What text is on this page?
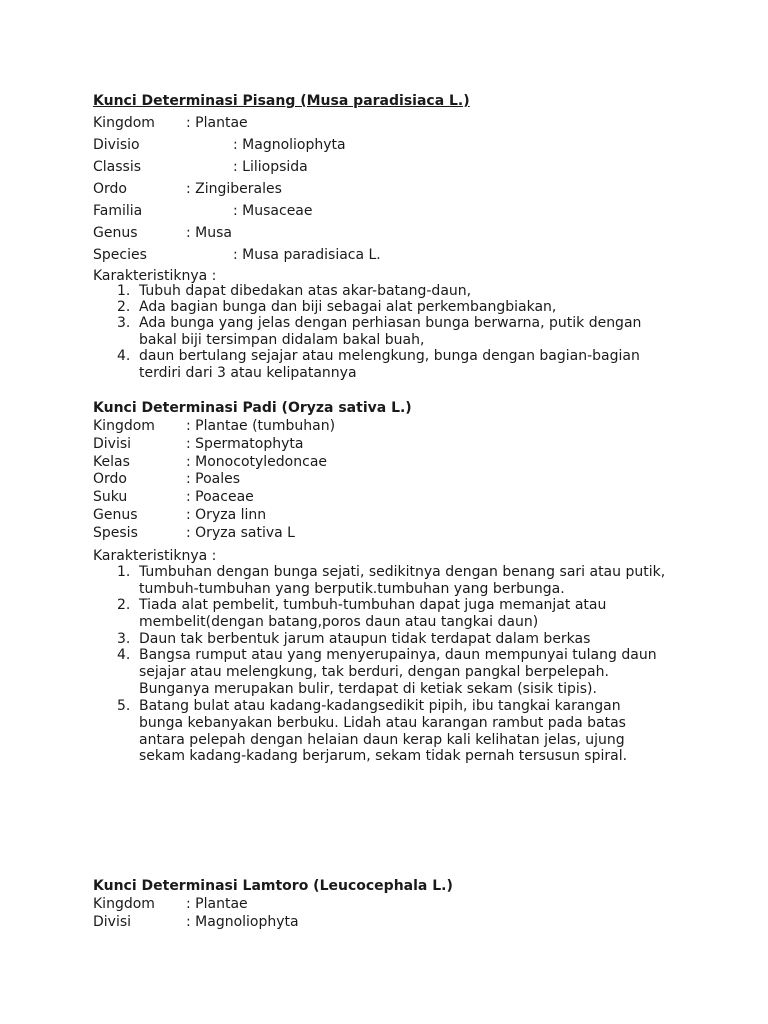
Kunci Determinasi Pisang (Musa paradisiaca L.)
Kingdom : Plantae
Divisio	: Magnoliophyta
Classis	: Liliopsida
Ordo	: Zingiberales
Familia	: Musaceae
Genus	: Musa
Species	: Musa paradisiaca L.
Karakteristiknya :
1. Tubuh dapat dibedakan atas akar-batang-daun,
2. Ada bagian bunga dan biji sebagai alat perkembangbiakan,
3. Ada bunga yang jelas dengan perhiasan bunga berwarna, putik dengan
bakal biji tersimpan didalam bakal buah,
4. daun bertulang sejajar atau melengkung, bunga dengan bagian-bagian
terdiri dari 3 atau kelipatannya
Kunci Determinasi Padi (Oryza sativa L.)
Kingdom : Plantae (tumbuhan)
Divisi	: Spermatophyta
Kelas	: Monocotyledoncae
Ordo	: Poales
Suku	: Poaceae
Genus	: Oryza linn
Spesis	: Oryza sativa L
Karakteristiknya :
1. Tumbuhan dengan bunga sejati, sedikitnya dengan benang sari atau putik,
tumbuh-tumbuhan yang berputik.tumbuhan yang berbunga.
2. Tiada alat pembelit, tumbuh-tumbuhan dapat juga memanjat atau
membelit(dengan batang,poros daun atau tangkai daun)
3. Daun tak berbentuk jarum ataupun tidak terdapat dalam berkas
4. Bangsa rumput atau yang menyerupainya, daun mempunyai tulang daun
sejajar atau melengkung, tak berduri, dengan pangkal berpelepah.
Bunganya merupakan bulir, terdapat di ketiak sekam (sisik tipis).
5. Batang bulat atau kadang-kadangsedikit pipih, ibu tangkai karangan
bunga kebanyakan berbuku. Lidah atau karangan rambut pada batas
antara pelepah dengan helaian daun kerap kali kelihatan jelas, ujung
sekam kadang-kadang berjarum, sekam tidak pernah tersusun spiral.
Kunci Determinasi Lamtoro (Leucocephala L.)
Kingdom : Plantae
Divisi	: Magnoliophyta
